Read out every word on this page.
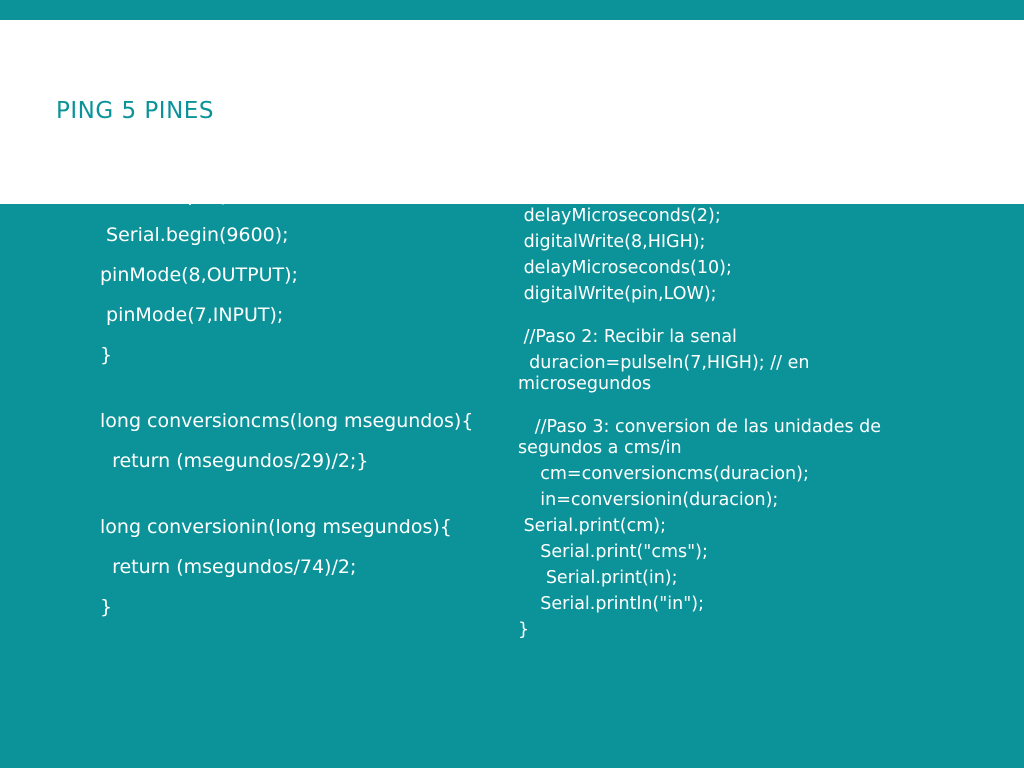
PING 5 PINES
Serial.begin(9600);
pinMode(8,OUTPUT);
pinMode(7,INPUT);
}
long conversioncms(long msegundos){
return (msegundos/29)/2;}
long conversionin(long msegundos){
return (msegundos/74)/2;
}
delayMicroseconds(2);
digitalWrite(8,HIGH);
delayMicroseconds(10);
digitalWrite(pin,LOW);
//Paso 2: Recibir la senal
duracion=pulseIn(7,HIGH); // en microsegundos
//Paso 3: conversion de las unidades de segundos a cms/in
cm=conversioncms(duracion);
in=conversionin(duracion);
Serial.print(cm);
Serial.print("cms");
Serial.print(in);
Serial.println("in");
}
